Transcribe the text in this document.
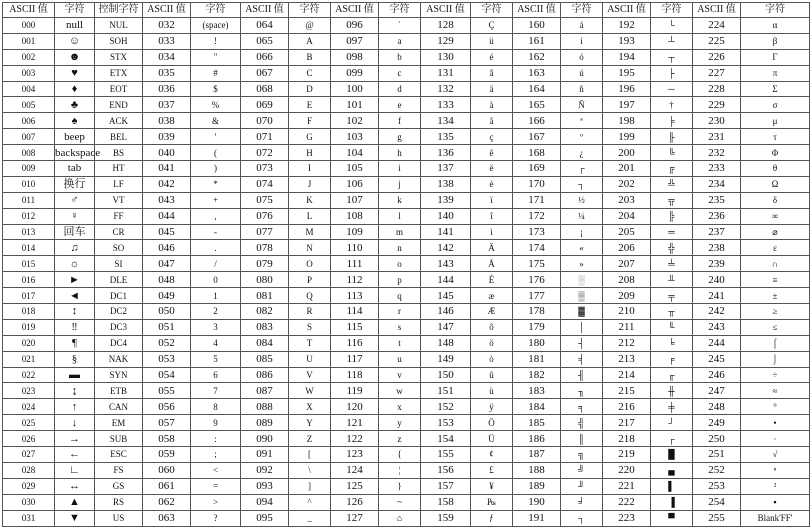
ASCII 值	字符	控制字符	ASCII 值	字符	ASCII 值	字符	ASCII 值	字符	ASCII 值	字符	ASCII 值	字符	ASCII 值	字符	ASCII 值	字符
000	null	NUL	032	(space)	064	@	096	`	128	Ç	160	á	192	└	224	α
001	☺	SOH	033	!	065	A	097	a	129	ü	161	í	193	┴	225	β
002	☻	STX	034	"	066	B	098	b	130	é	162	ó	194	┬	226	Γ
003	♥	ETX	035	#	067	C	099	c	131	â	163	ú	195	├	227	π
004	♦	EOT	036	$	068	D	100	d	132	ä	164	ñ	196	─	228	Σ
005	♣	END	037	%	069	E	101	e	133	à	165	Ñ	197	†	229	σ
006	♠	ACK	038	&	070	F	102	f	134	å	166	ª	198	╞	230	μ
007	beep	BEL	039	'	071	G	103	g	135	ç	167	º	199	╟	231	τ
008	backspace	BS	040	(	072	H	104	h	136	ê	168	¿	200	╚	232	Φ
009	tab	HT	041	)	073	I	105	i	137	ë	169	┌	201	╔	233	θ
010	换行	LF	042	*	074	J	106	j	138	è	170	┐	202	╩	234	Ω
011	♂	VT	043	+	075	K	107	k	139	ï	171	½	203	╦	235	δ
012	♀	FF	044	,	076	L	108	l	140	î	172	¼	204	╠	236	∞
013	回车	CR	045	-	077	M	109	m	141	ì	173	¡	205	═	237	⌀
014	♫	SO	046	.	078	N	110	n	142	Ä	174	«	206	╬	238	ε
015	☼	SI	047	/	079	O	111	o	143	Å	175	»	207	╧	239	∩
016	►	DLE	048	0	080	P	112	p	144	É	176	░	208	╨	240	≡
017	◄	DC1	049	1	081	Q	113	q	145	æ	177	▒	209	╤	241	±
018	↕	DC2	050	2	082	R	114	r	146	Æ	178	▓	210	╥	242	≥
019	‼	DC3	051	3	083	S	115	s	147	ô	179	│	211	╙	243	≤
020	¶	DC4	052	4	084	T	116	t	148	ö	180	┤	212	╘	244	⌠
021	§	NAK	053	5	085	U	117	u	149	ò	181	╡	213	╒	245	⌡
022	▬	SYN	054	6	086	V	118	v	150	û	182	╢	214	╓	246	÷
023	↨	ETB	055	7	087	W	119	w	151	ù	183	╖	215	╫	247	≈
024	↑	CAN	056	8	088	X	120	x	152	ÿ	184	╕	216	╪	248	°
025	↓	EM	057	9	089	Y	121	y	153	Ö	185	╣	217	┘	249	•
026	→	SUB	058	:	090	Z	122	z	154	Ü	186	║	218	┌	250	·
027	←	ESC	059	;	091	[	123	{	155	¢	187	╗	219	█	251	√
028	∟	FS	060	<	092	\	124	¦	156	£	188	╝	220	▄	252	ⁿ
029	↔	GS	061	=	093	]	125	}	157	¥	189	╜	221	▌	253	²
030	▲	RS	062	>	094	^	126	~	158	₧	190	╛	222	▐	254	▪
031	▼	US	063	?	095	_	127	⌂	159	ƒ	191	┐	223	▀	255	Blank'FF'
